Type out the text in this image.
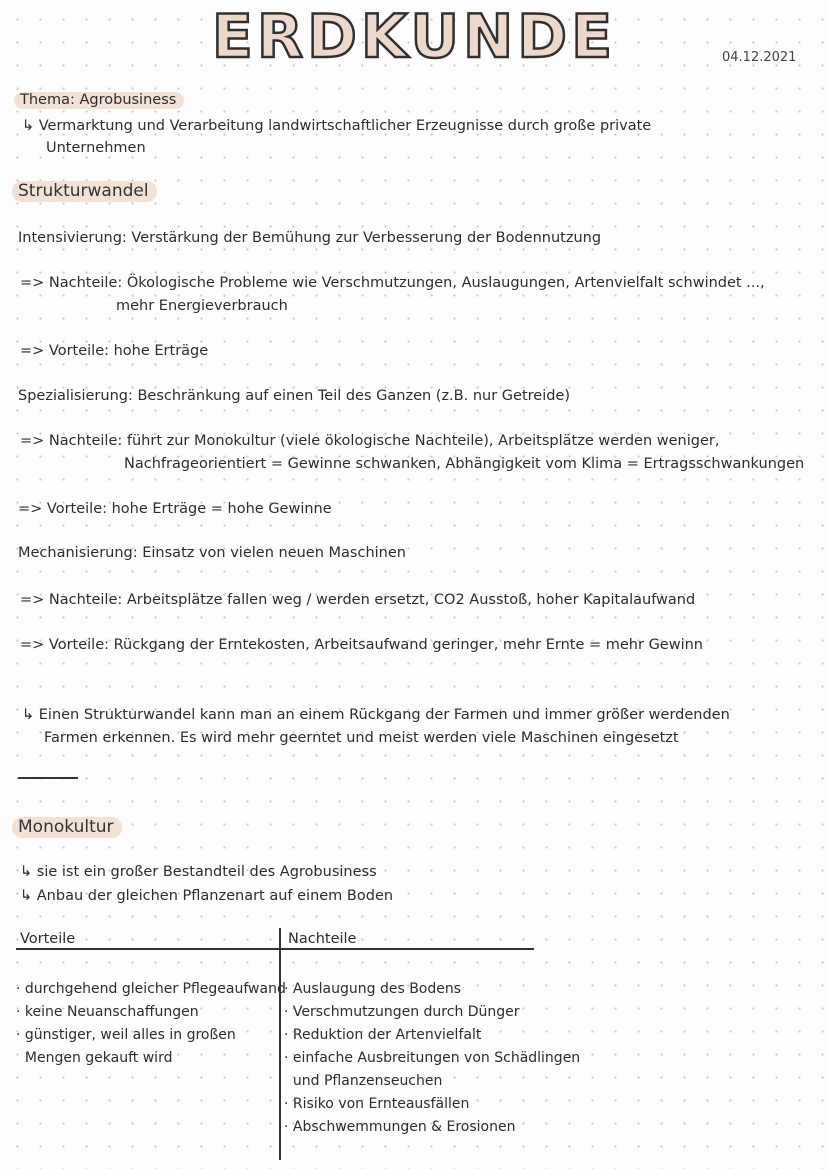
ERDKUNDE	04.12.2021
Thema: Agrobusiness
↳ Vermarktung und Verarbeitung landwirtschaftlicher Erzeugnisse durch große private
Unternehmen
Strukturwandel
Intensivierung: Verstärkung der Bemühung zur Verbesserung der Bodennutzung
=> Nachteile: Ökologische Probleme wie Verschmutzungen, Auslaugungen, Artenvielfalt schwindet ...,
mehr Energieverbrauch
=> Vorteile: hohe Erträge
Spezialisierung: Beschränkung auf einen Teil des Ganzen (z.B. nur Getreide)
=> Nachteile: führt zur Monokultur (viele ökologische Nachteile), Arbeitsplätze werden weniger,
Nachfrageorientiert = Gewinne schwanken, Abhängigkeit vom Klima = Ertragsschwankungen
=> Vorteile: hohe Erträge = hohe Gewinne
Mechanisierung: Einsatz von vielen neuen Maschinen
=> Nachteile: Arbeitsplätze fallen weg / werden ersetzt, CO2 Ausstoß, hoher Kapitalaufwand
=> Vorteile: Rückgang der Erntekosten, Arbeitsaufwand geringer, mehr Ernte = mehr Gewinn
↳ Einen Strukturwandel kann man an einem Rückgang der Farmen und immer größer werdenden
Farmen erkennen. Es wird mehr geerntet und meist werden viele Maschinen eingesetzt
Monokultur
↳ sie ist ein großer Bestandteil des Agrobusiness
↳ Anbau der gleichen Pflanzenart auf einem Boden
Vorteile	Nachteile
· durchgehend gleicher Pflegeaufwand
· keine Neuanschaffungen
· günstiger, weil alles in großen
Mengen gekauft wird
· Auslaugung des Bodens
· Verschmutzungen durch Dünger
· Reduktion der Artenvielfalt
· einfache Ausbreitungen von Schädlingen
und Pflanzenseuchen
· Risiko von Ernteausfällen
· Abschwemmungen & Erosionen
